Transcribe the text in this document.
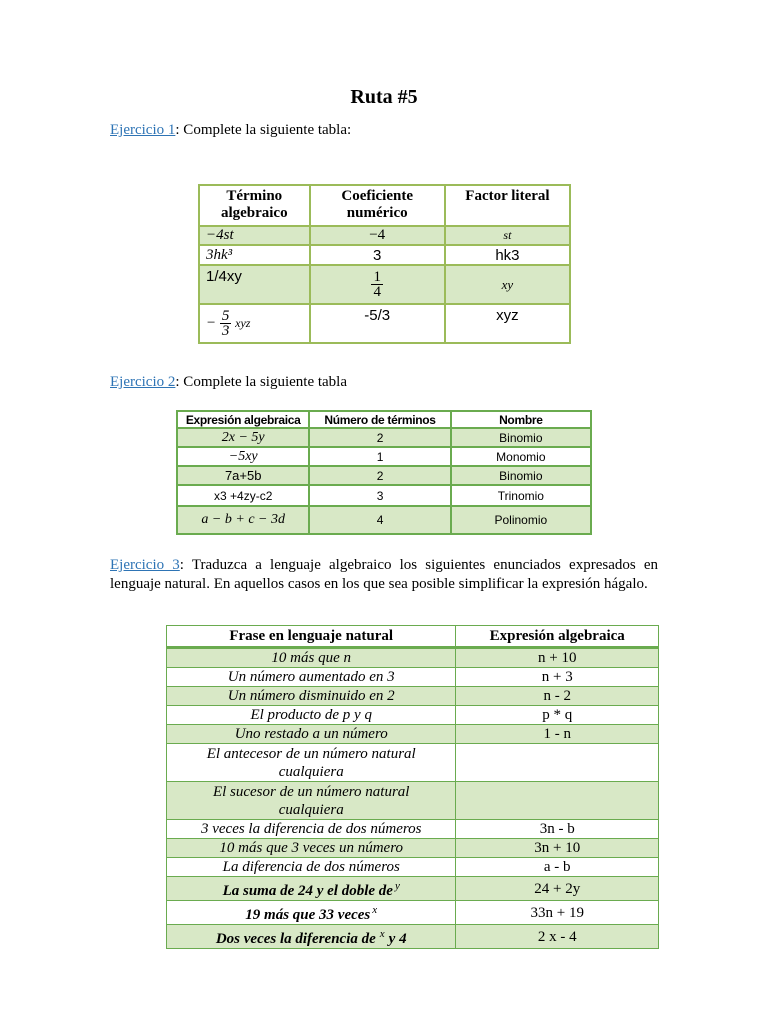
Ruta #5
Ejercicio 1: Complete la siguiente tabla:
Término algebraico	Coeficiente numérico	Factor literal
−4st	−4	st
3hk³	3	hk3
1/4xy	$\frac{1}{4}$	xy
− $\frac{5}{3}$ xyz	-5/3	xyz
Ejercicio 2: Complete la siguiente tabla
Expresión algebraica	Número de términos	Nombre
2x − 5y	2	Binomio
−5xy	1	Monomio
7a+5b	2	Binomio
x3 +4zy-c2	3	Trinomio
a − b + c − 3d	4	Polinomio
Ejercicio 3: Traduzca a lenguaje algebraico los siguientes enunciados expresados en lenguaje natural. En aquellos casos en los que sea posible simplificar la expresión hágalo.
Frase en lenguaje natural	Expresión algebraica
10 más que n	n + 10
Un número aumentado en 3	n + 3
Un número disminuido en 2	n - 2
El producto de p y q	p * q
Uno restado a un número	1 - n
El antecesor de un número natural cualquiera	
El sucesor de un número natural cualquiera	
3 veces la diferencia de dos números	3n - b
10 más que 3 veces un número	3n + 10
La diferencia de dos números	a - b
La suma de 24 y el doble de $^y$	24 + 2y
19 más que 33 veces $^x$	33n + 19
Dos veces la diferencia de $^x$ y 4	2 x - 4
